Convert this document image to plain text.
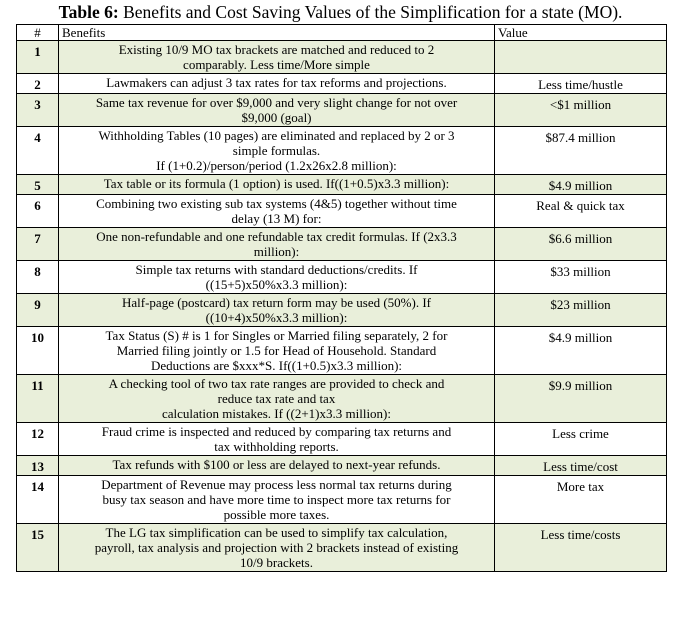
Table 6: Benefits and Cost Saving Values of the Simplification for a state (MO).
#	Benefits	Value
1	Existing 10/9 MO tax brackets are matched and reduced to 2
comparably. Less time/More simple	

2	Lawmakers can adjust 3 tax rates for tax reforms and projections.	Less time/hustle
3	Same tax revenue for over $9,000 and very slight change for not over
$9,000 (goal)	<$1 million
4	Withholding Tables (10 pages) are eliminated and replaced by 2 or 3
simple formulas.
If (1+0.2)/person/period (1.2x26x2.8 million):	$87.4 million
5	Tax table or its formula (1 option) is used. If((1+0.5)x3.3 million):	$4.9 million
6	Combining two existing sub tax systems (4&5) together without time
delay (13 M) for:	Real & quick tax
7	One non-refundable and one refundable tax credit formulas. If (2x3.3
million):	$6.6 million
8	Simple tax returns with standard deductions/credits. If
((15+5)x50%x3.3 million):	$33 million
9	Half-page (postcard) tax return form may be used (50%). If
((10+4)x50%x3.3 million):	$23 million
10	Tax Status (S) # is 1 for Singles or Married filing separately, 2 for
Married filing jointly or 1.5 for Head of Household. Standard
Deductions are $xxx*S. If((1+0.5)x3.3 million):	$4.9 million
11	A checking tool of two tax rate ranges are provided to check and
reduce tax rate and tax
calculation mistakes. If ((2+1)x3.3 million):	$9.9 million
12	Fraud crime is inspected and reduced by comparing tax returns and
tax withholding reports.	Less crime
13	Tax refunds with $100 or less are delayed to next-year refunds.	Less time/cost
14	Department of Revenue may process less normal tax returns during
busy tax season and have more time to inspect more tax returns for
possible more taxes.	More tax
15	The LG tax simplification can be used to simplify tax calculation,
payroll, tax analysis and projection with 2 brackets instead of existing
10/9 brackets.	Less time/costs
